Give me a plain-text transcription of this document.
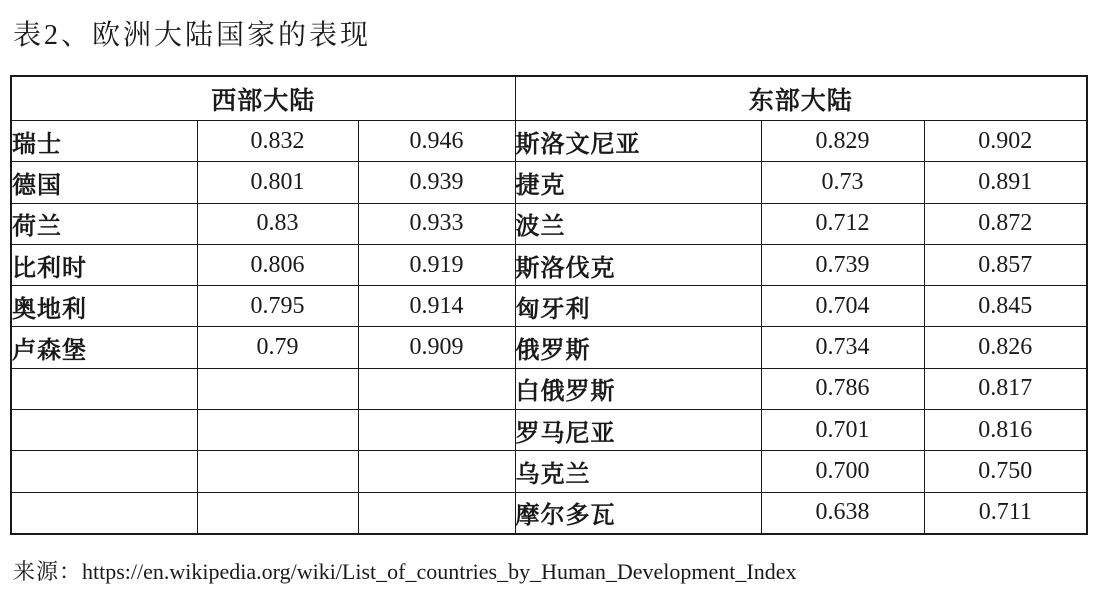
表2、欧洲大陆国家的表现
西部大陆			东部大陆		
瑞士	0.832	0.946	斯洛文尼亚	0.829	0.902
德国	0.801	0.939	捷克	0.73	0.891
荷兰	0.83	0.933	波兰	0.712	0.872
比利时	0.806	0.919	斯洛伐克	0.739	0.857
奥地利	0.795	0.914	匈牙利	0.704	0.845
卢森堡	0.79	0.909	俄罗斯	0.734	0.826
			白俄罗斯	0.786	0.817
			罗马尼亚	0.701	0.816
			乌克兰	0.700	0.750
			摩尔多瓦	0.638	0.711
来源：https://en.wikipedia.org/wiki/List_of_countries_by_Human_Development_Index
